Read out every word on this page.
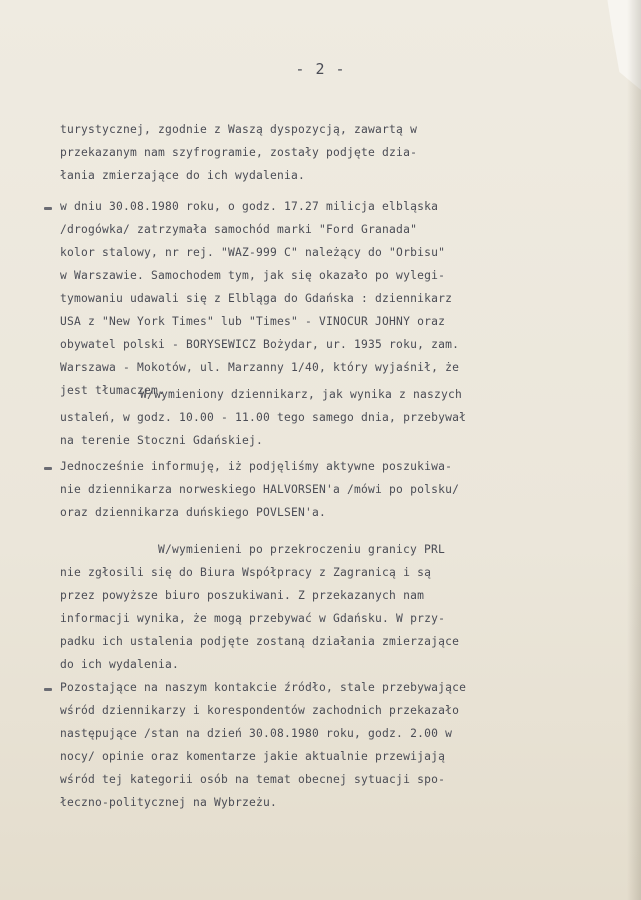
- 2 -

turystycznej, zgodnie z Waszą dyspozycją, zawartą w
przekazanym nam szyfrogramie, zostały podjęte dzia-
łania zmierzające do ich wydalenia.

w dniu 30.08.1980 roku, o godz. 17.27 milicja elbląska
/drogówka/ zatrzymała samochód marki "Ford Granada"
kolor stalowy, nr rej. "WAZ-999 C" należący do "Orbisu"
w Warszawie. Samochodem tym, jak się okazało po wylegi-
tymowaniu udawali się z Elbląga do Gdańska : dziennikarz
USA z "New York Times" lub "Times" - VINOCUR JOHNY oraz
obywatel polski - BORYSEWICZ Bożydar, ur. 1935 roku, zam.
Warszawa - Mokotów, ul. Marzanny 1/40, który wyjaśnił, że
jest tłumaczem.

W/wymieniony dziennikarz, jak wynika z naszych
ustaleń, w godz. 10.00 - 11.00 tego samego dnia, przebywał
na terenie Stoczni Gdańskiej.

Jednocześnie informuję, iż podjęliśmy aktywne poszukiwa-
nie dziennikarza norweskiego HALVORSEN'a /mówi po polsku/
oraz dziennikarza duńskiego POVLSEN'a.

W/wymienieni po przekroczeniu granicy PRL
nie zgłosili się do Biura Współpracy z Zagranicą i są
przez powyższe biuro poszukiwani. Z przekazanych nam
informacji wynika, że mogą przebywać w Gdańsku. W przy-
padku ich ustalenia podjęte zostaną działania zmierzające
do ich wydalenia.

Pozostające na naszym kontakcie źródło, stale przebywające
wśród dziennikarzy i korespondentów zachodnich przekazało
następujące /stan na dzień 30.08.1980 roku, godz. 2.00 w
nocy/ opinie oraz komentarze jakie aktualnie przewijają
wśród tej kategorii osób na temat obecnej sytuacji spo-
łeczno-politycznej na Wybrzeżu.
